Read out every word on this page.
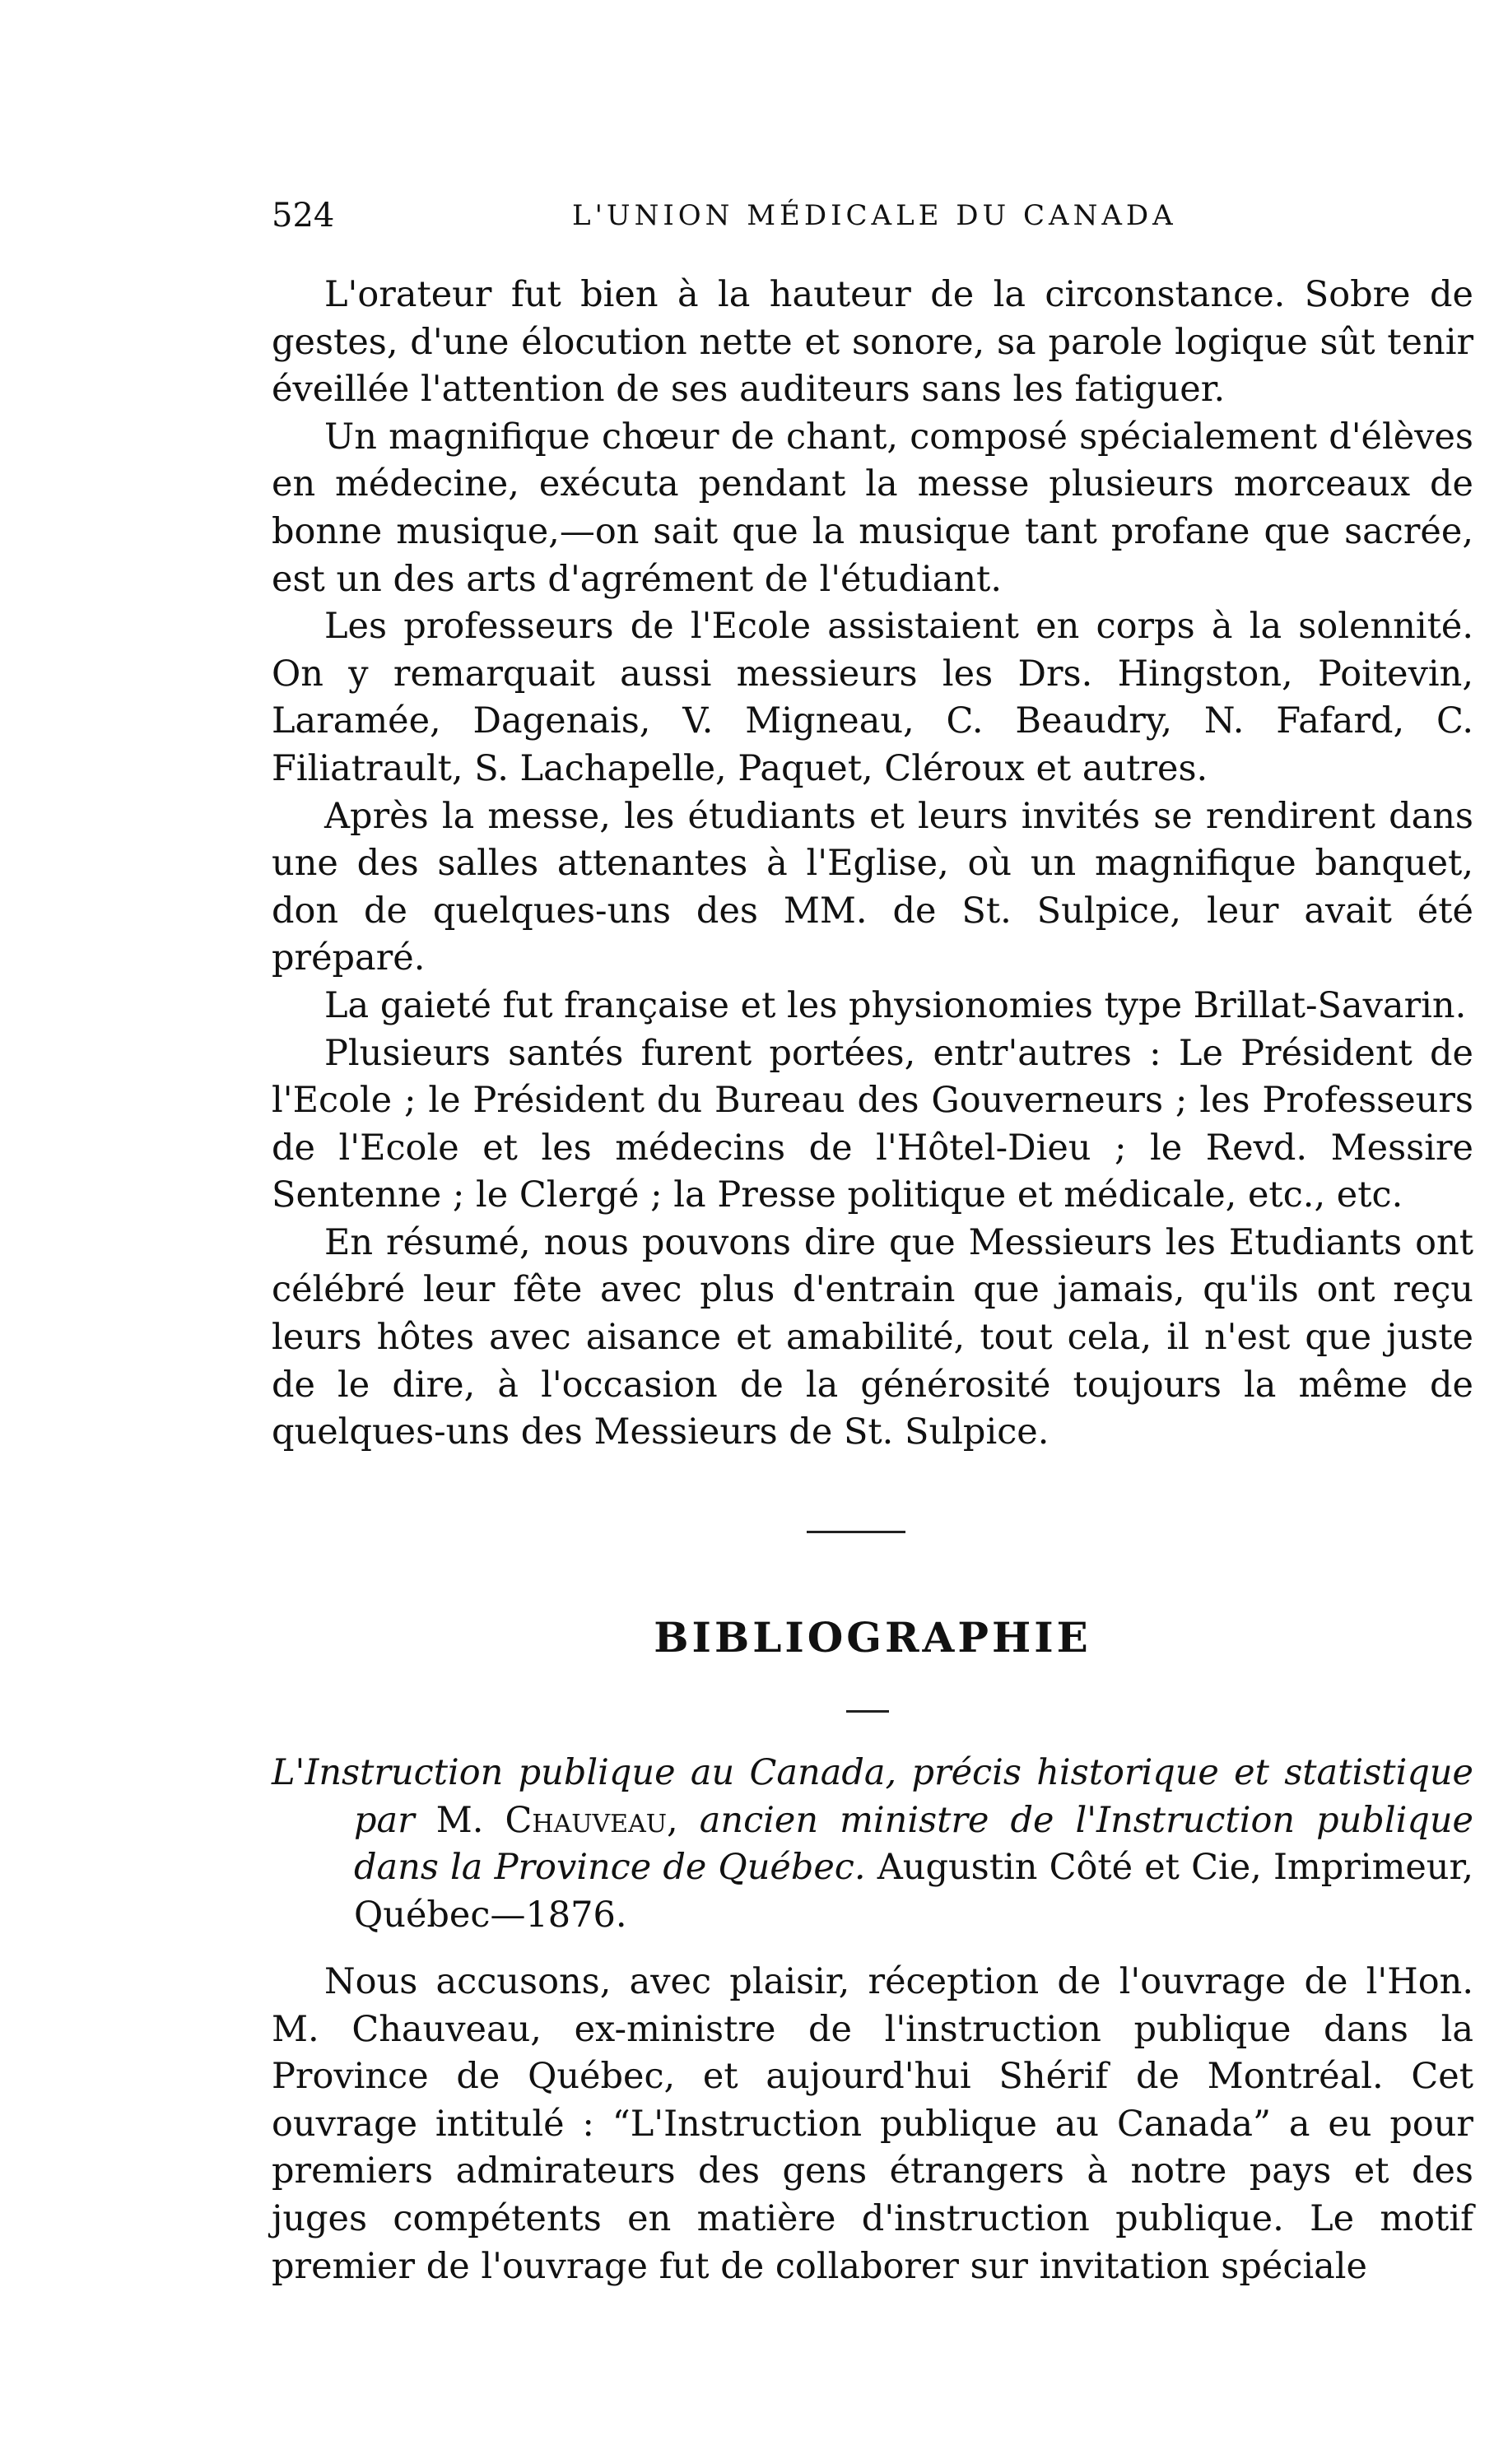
524	L'UNION MÉDICALE DU CANADA

L'orateur fut bien à la hauteur de la circonstance. Sobre de gestes, d'une élocution nette et sonore, sa parole logique sût tenir éveillée l'attention de ses auditeurs sans les fatiguer.

Un magnifique chœur de chant, composé spécialement d'élèves en médecine, exécuta pendant la messe plusieurs morceaux de bonne musique,—on sait que la musique tant profane que sacrée, est un des arts d'agrément de l'étudiant.

Les professeurs de l'Ecole assistaient en corps à la solennité. On y remarquait aussi messieurs les Drs. Hingston, Poitevin, Laramée, Dagenais, V. Migneau, C. Beaudry, N. Fafard, C. Filiatrault, S. Lachapelle, Paquet, Cléroux et autres.

Après la messe, les étudiants et leurs invités se rendirent dans une des salles attenantes à l'Eglise, où un magnifique banquet, don de quelques-uns des MM. de St. Sulpice, leur avait été préparé.

La gaieté fut française et les physionomies type Brillat-Savarin.

Plusieurs santés furent portées, entr'autres : Le Président de l'Ecole ; le Président du Bureau des Gouverneurs ; les Professeurs de l'Ecole et les médecins de l'Hôtel-Dieu ; le Revd. Messire Sentenne ; le Clergé ; la Presse politique et médicale, etc., etc.

En résumé, nous pouvons dire que Messieurs les Etudiants ont célébré leur fête avec plus d'entrain que jamais, qu'ils ont reçu leurs hôtes avec aisance et amabilité, tout cela, il n'est que juste de le dire, à l'occasion de la générosité toujours la même de quelques-uns des Messieurs de St. Sulpice.

BIBLIOGRAPHIE
L'Instruction publique au Canada, précis historique et statistique par M. Chauveau, ancien ministre de l'Instruction publique dans la Province de Québec. Augustin Côté et Cie, Imprimeur, Québec—1876.

Nous accusons, avec plaisir, réception de l'ouvrage de l'Hon. M. Chauveau, ex-ministre de l'instruction publique dans la Province de Québec, et aujourd'hui Shérif de Montréal. Cet ouvrage intitulé : “L'Instruction publique au Canada” a eu pour premiers admirateurs des gens étrangers à notre pays et des juges compétents en matière d'instruction publique. Le motif premier de l'ouvrage fut de collaborer sur invitation spéciale
